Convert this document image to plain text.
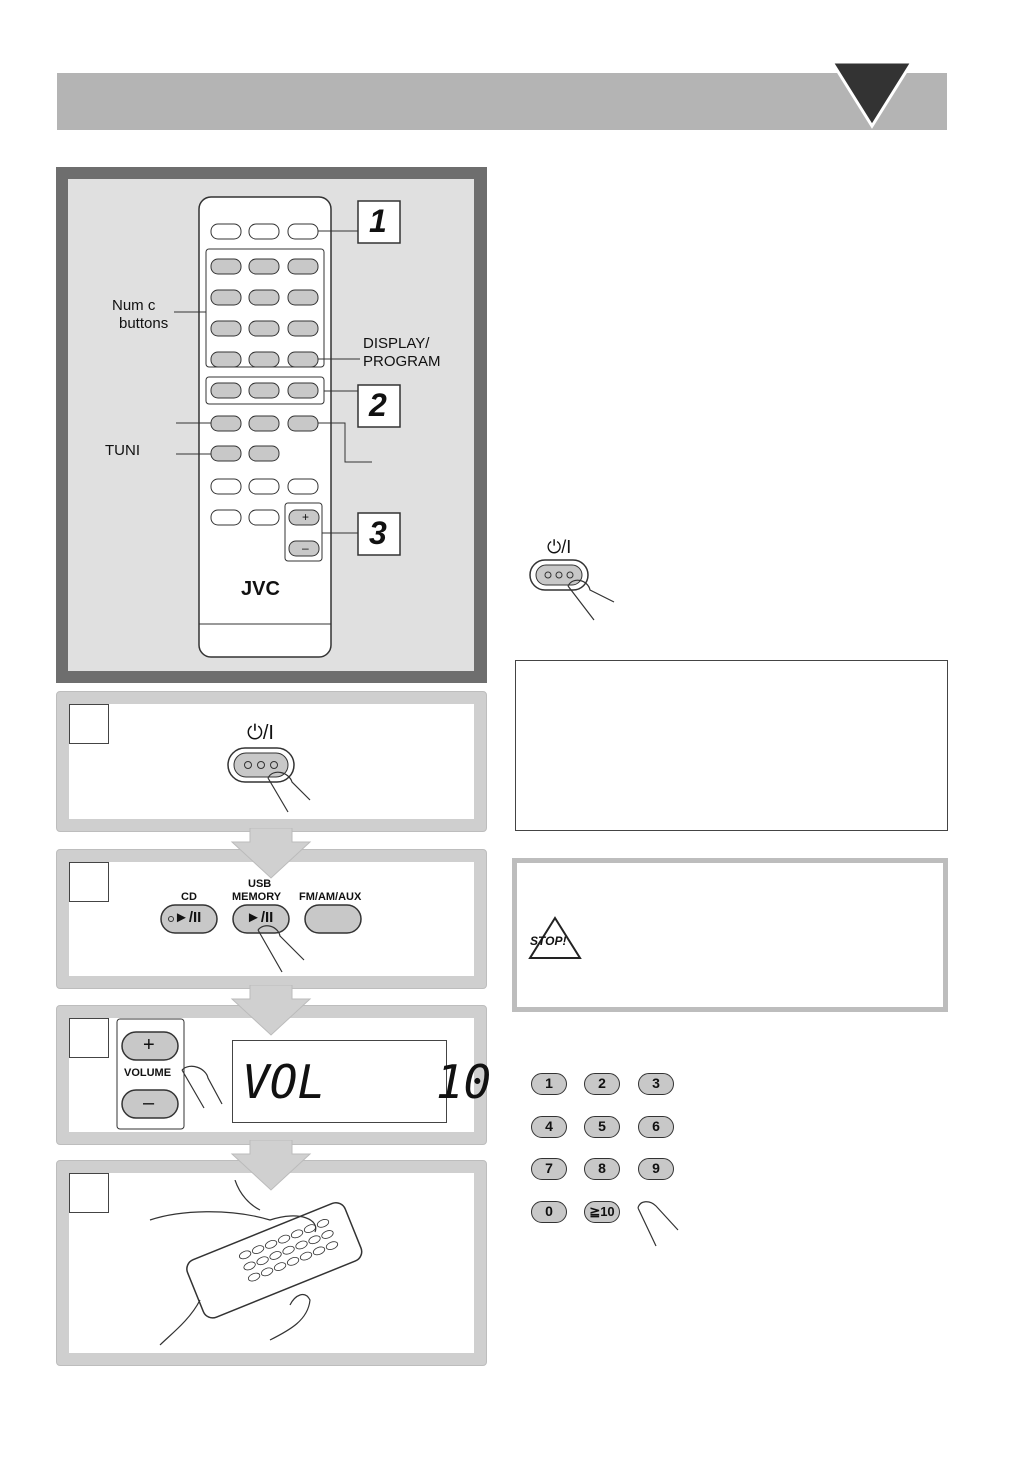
Num c
buttons
DISPLAY/
PROGRAM
TUNI
JVC
1
2
3
+
–	⏻/I
STOP!
⏻/I
CD
USB
MEMORY FM/AM/AUX
►/II	►/II
+
–
VOLUME VOL    10	1	2	3
4	5	6
7	8	9
0	≧10
